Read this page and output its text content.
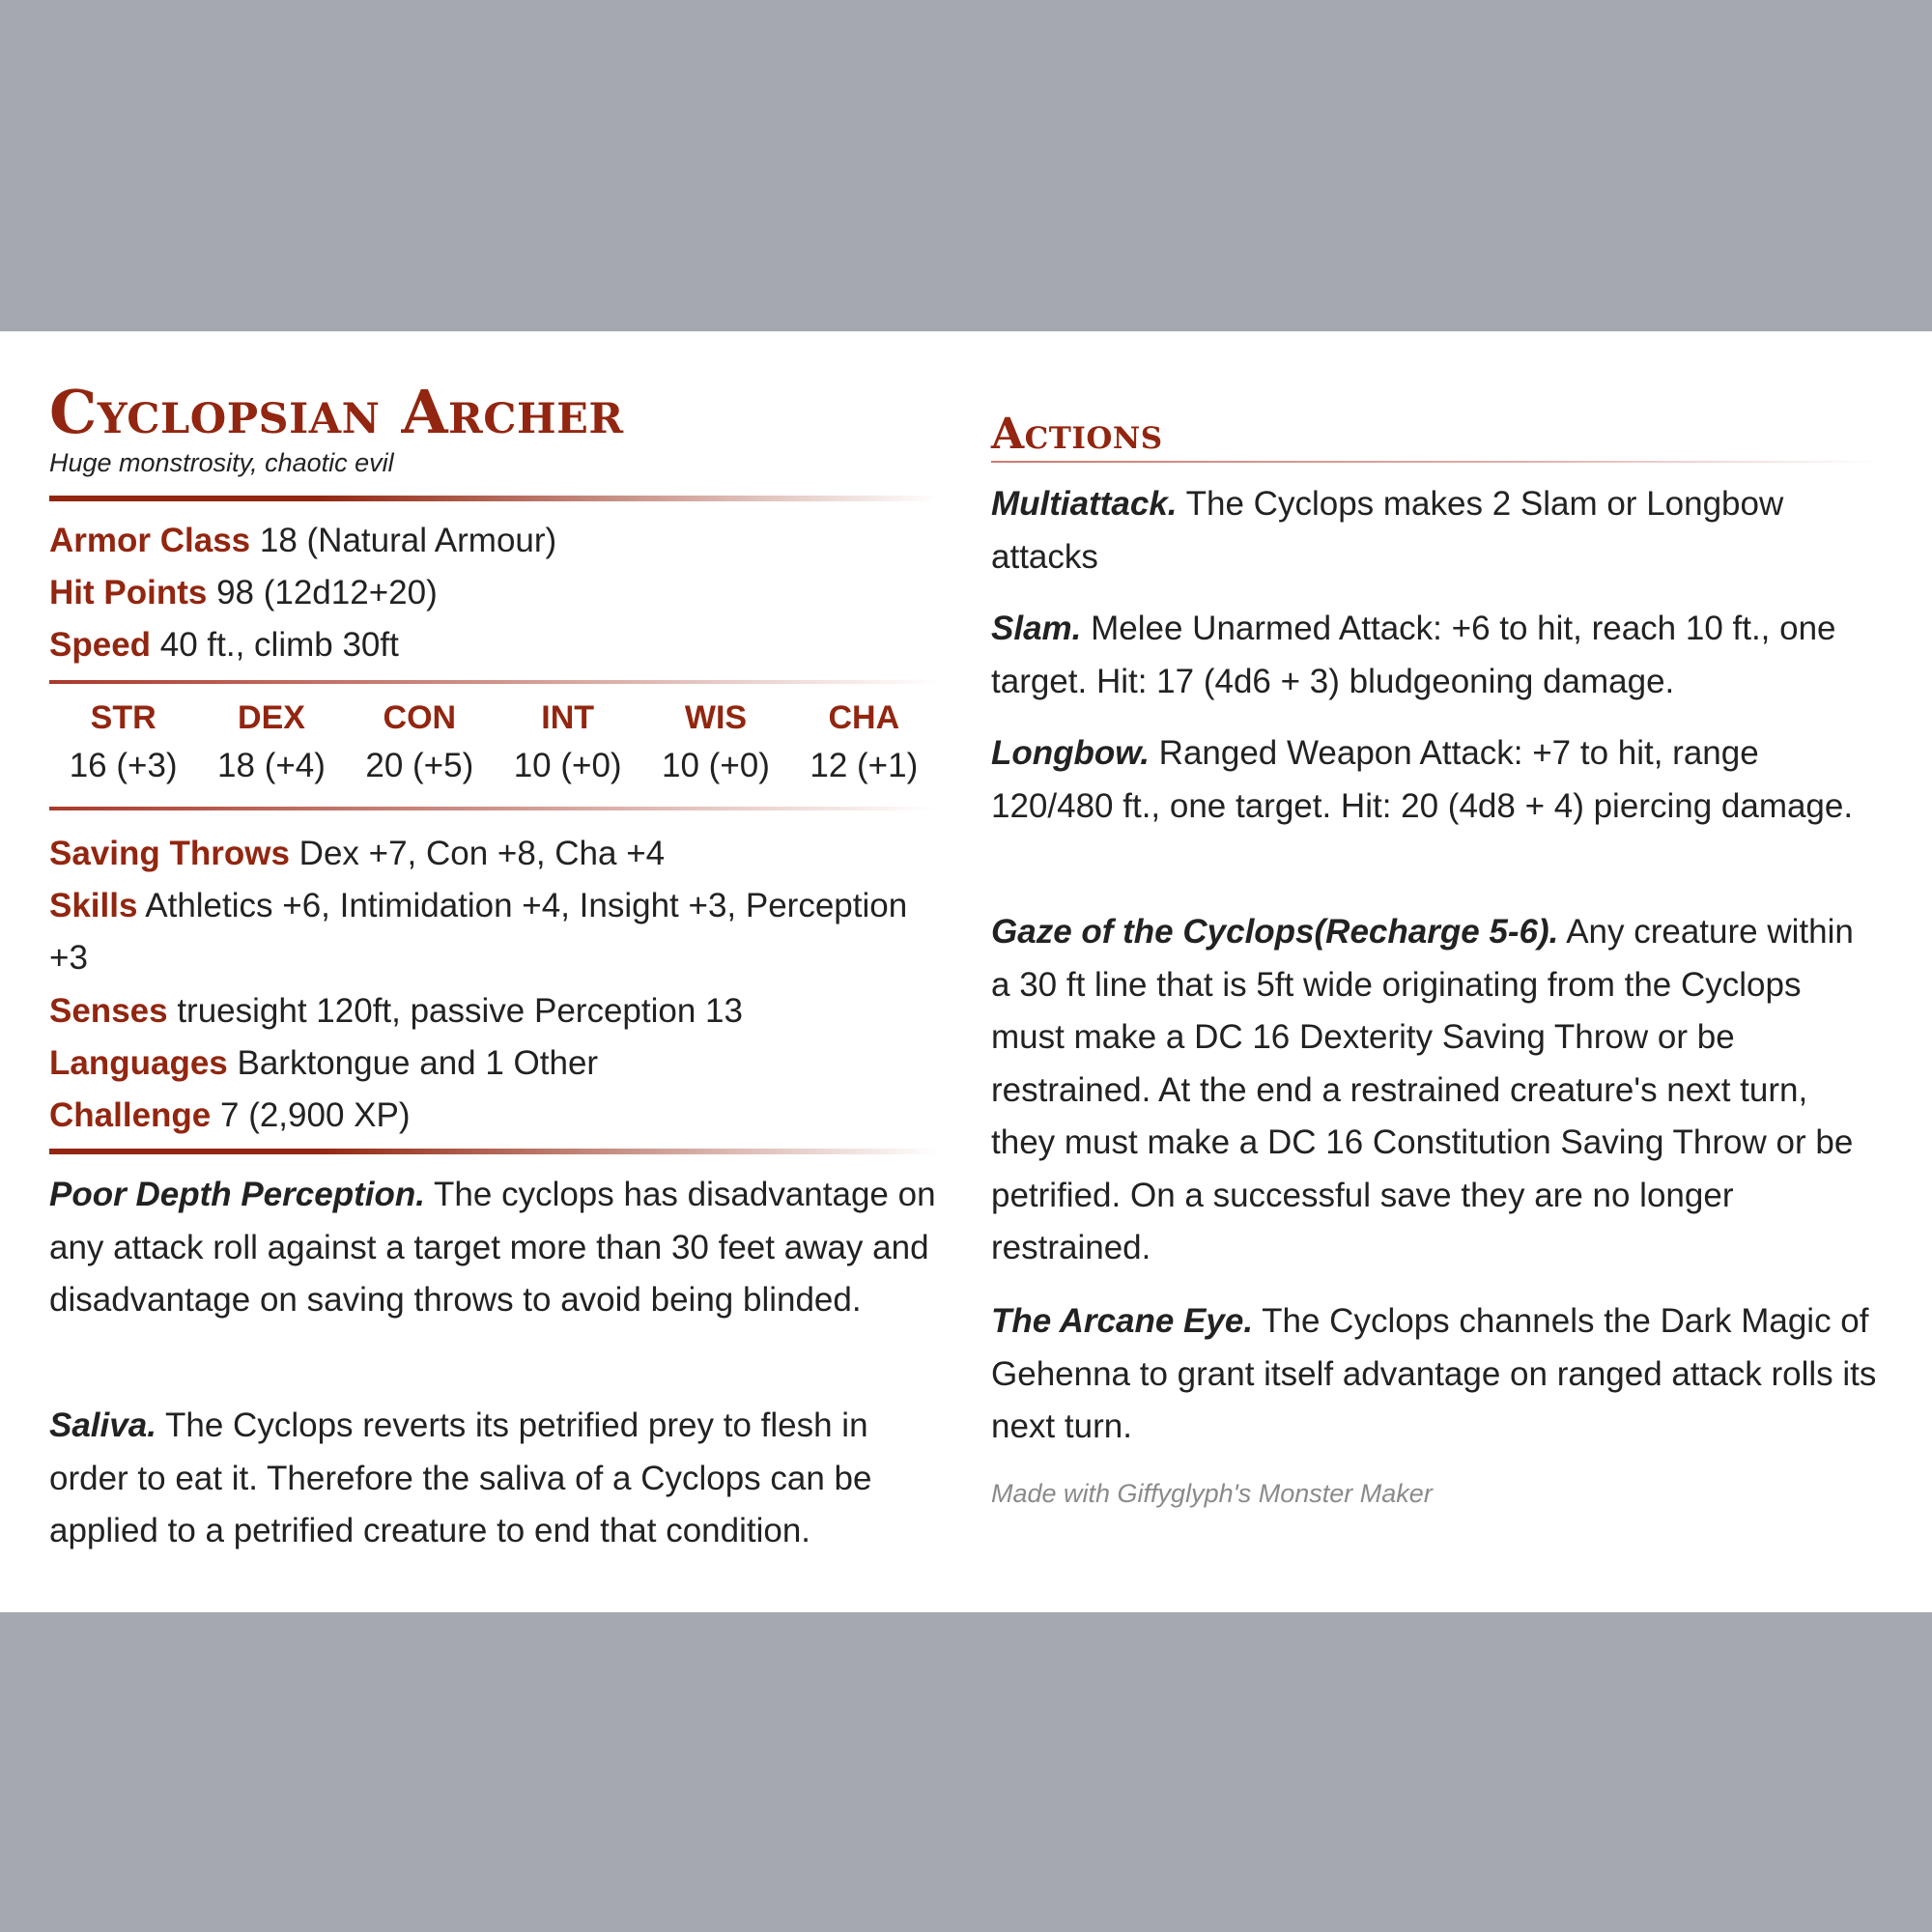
Cyclopsian Archer
Huge monstrosity, chaotic evil
Armor Class 18 (Natural Armour)
Hit Points 98 (12d12+20)
Speed 40 ft., climb 30ft
STR
16 (+3)
DEX
18 (+4)
CON
20 (+5)
INT
10 (+0)
WIS
10 (+0)
CHA
12 (+1)
Saving Throws Dex +7, Con +8, Cha +4
Skills Athletics +6, Intimidation +4, Insight +3, Perception +3
Senses truesight 120ft, passive Perception 13
Languages Barktongue and 1 Other
Challenge 7 (2,900 XP)
Poor Depth Perception. The cyclops has disadvantage on any attack roll against a target more than 30 feet away and disadvantage on saving throws to avoid being blinded.
Saliva. The Cyclops reverts its petrified prey to flesh in order to eat it. Therefore the saliva of a Cyclops can be applied to a petrified creature to end that condition.
Actions
Multiattack. The Cyclops makes 2 Slam or Longbow attacks
Slam. Melee Unarmed Attack: +6 to hit, reach 10 ft., one target. Hit: 17 (4d6 + 3) bludgeoning damage.
Longbow. Ranged Weapon Attack: +7 to hit, range 120/480 ft., one target. Hit: 20 (4d8 + 4) piercing damage.
Gaze of the Cyclops(Recharge 5-6). Any creature within a 30 ft line that is 5ft wide originating from the Cyclops must make a DC 16 Dexterity Saving Throw or be restrained. At the end a restrained creature's next turn, they must make a DC 16 Constitution Saving Throw or be petrified. On a successful save they are no longer restrained.
The Arcane Eye. The Cyclops channels the Dark Magic of Gehenna to grant itself advantage on ranged attack rolls its next turn.
Made with Giffyglyph's Monster Maker
